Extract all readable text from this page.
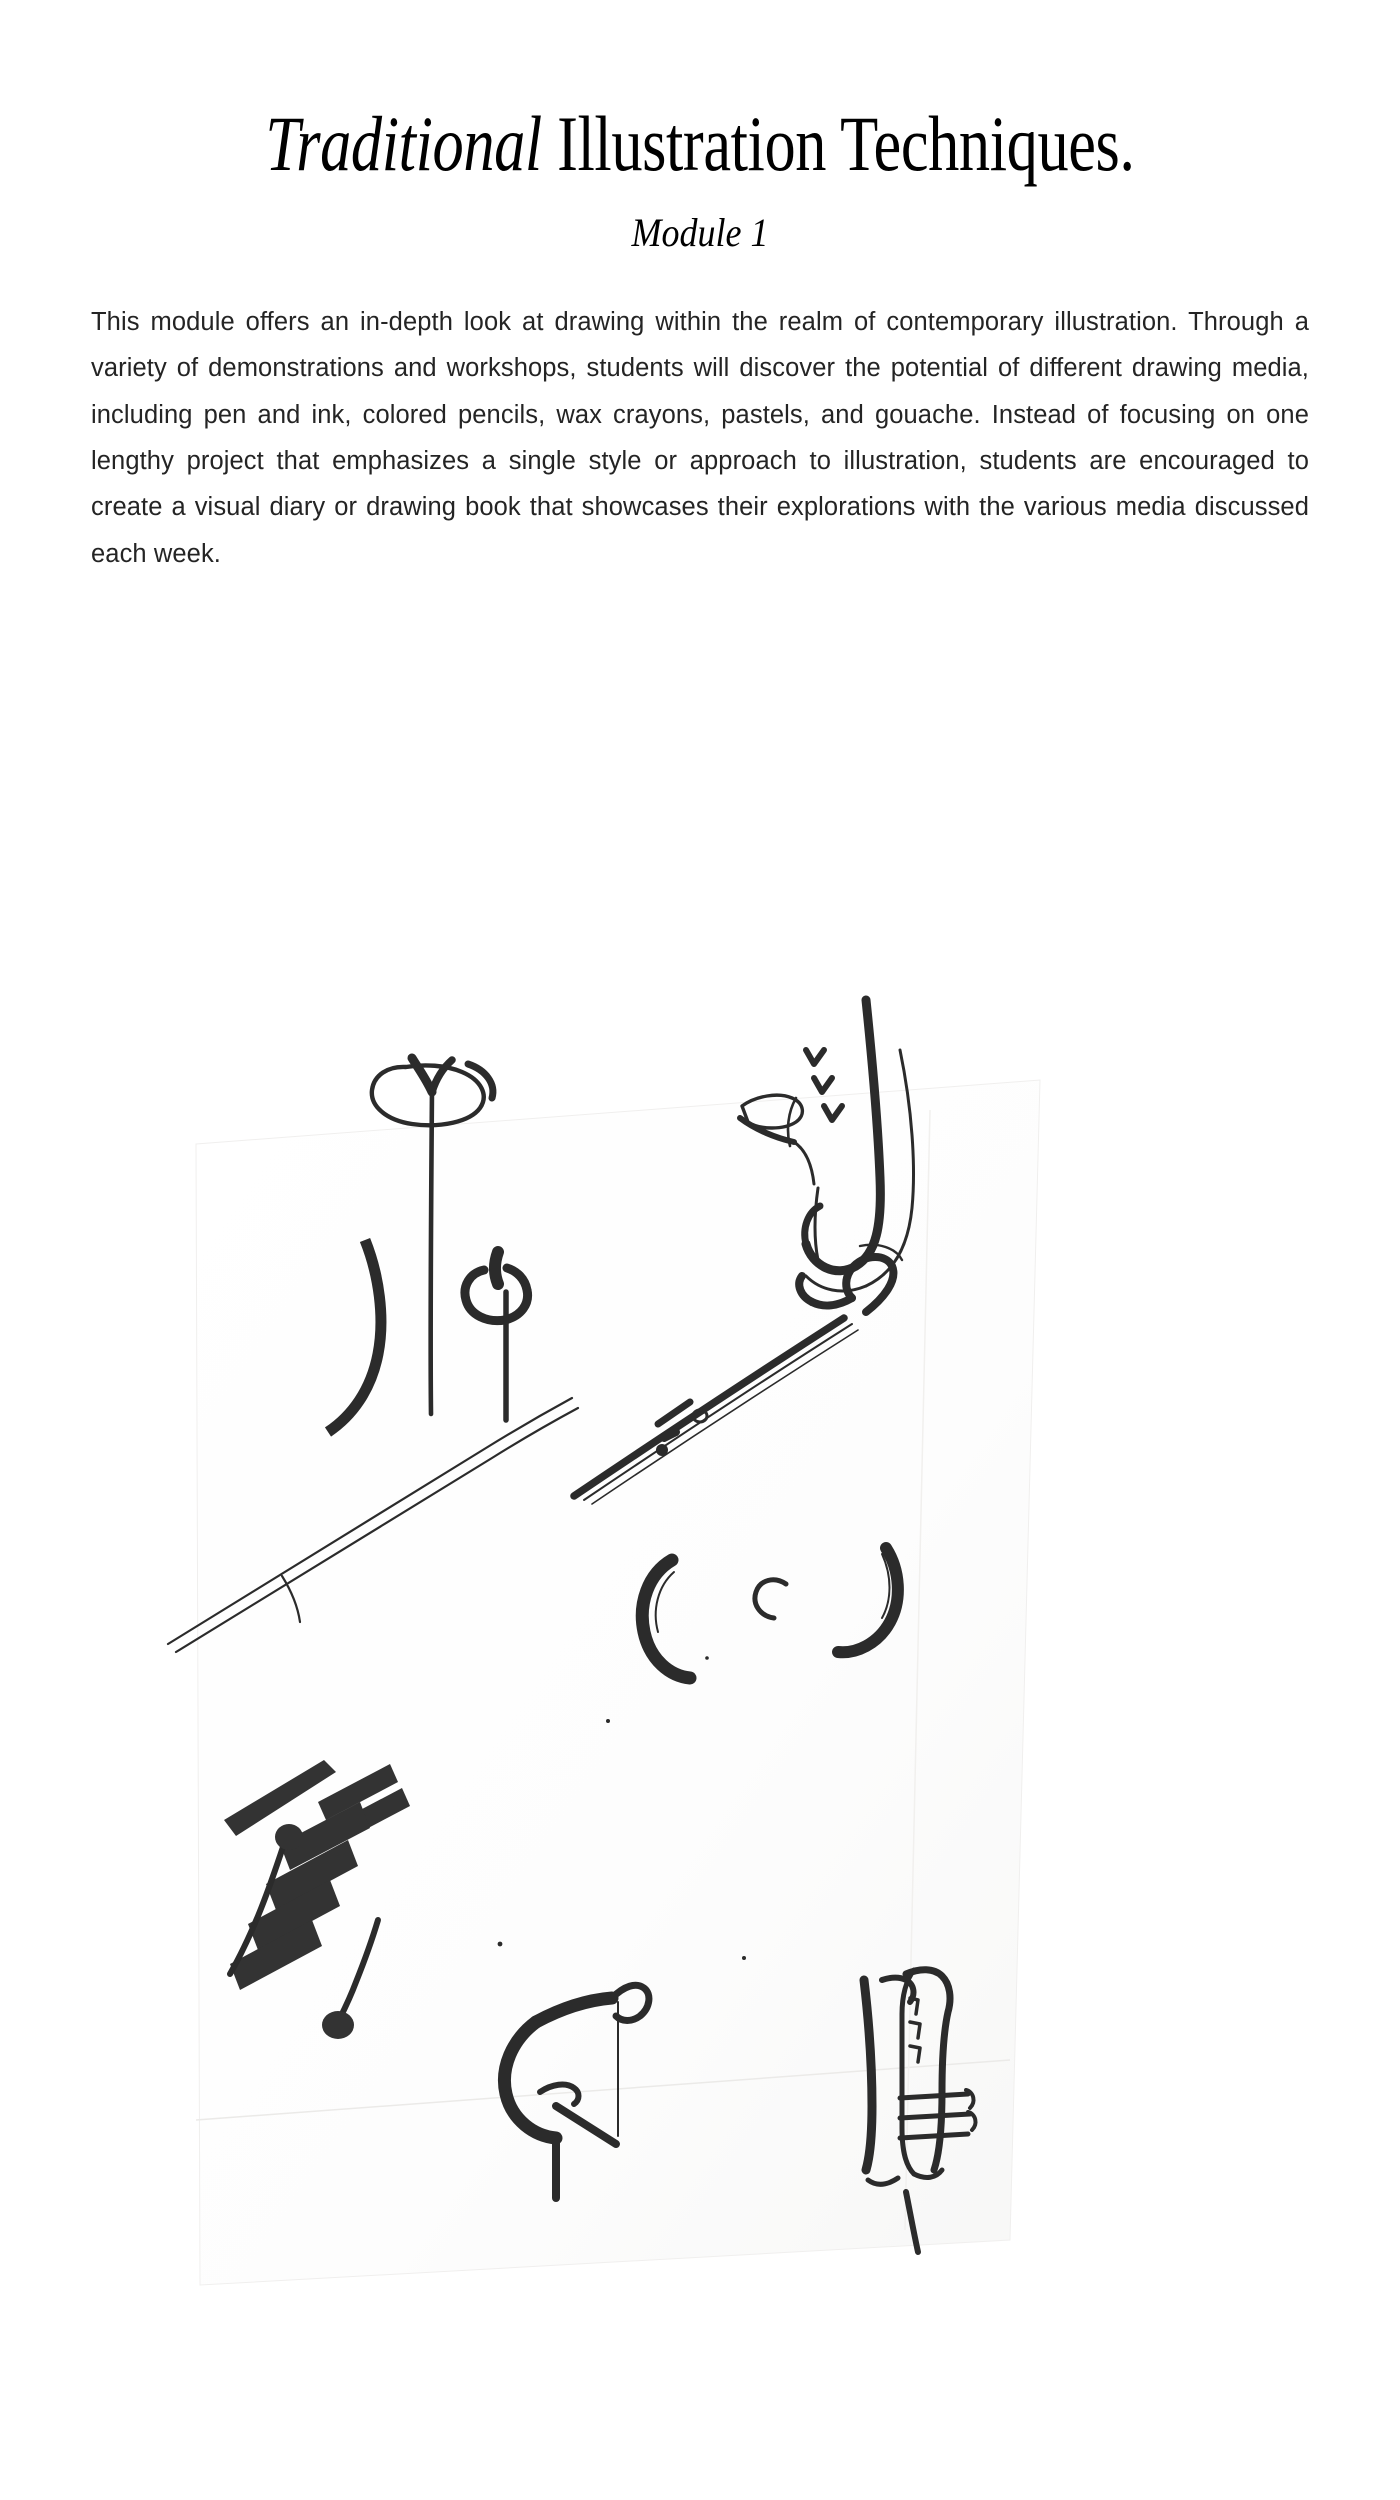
Traditional Illustration Techniques.
Module 1

This module offers an in-depth look at drawing within the realm of contemporary illustration. Through a variety of demonstrations and workshops, students will discover the potential of different drawing media, including pen and ink, colored pencils, wax crayons, pastels, and gouache. Instead of focusing on one lengthy project that emphasizes a single style or approach to illustration, students are encouraged to create a visual diary or drawing book that showcases their explorations with the various media discussed each week.
